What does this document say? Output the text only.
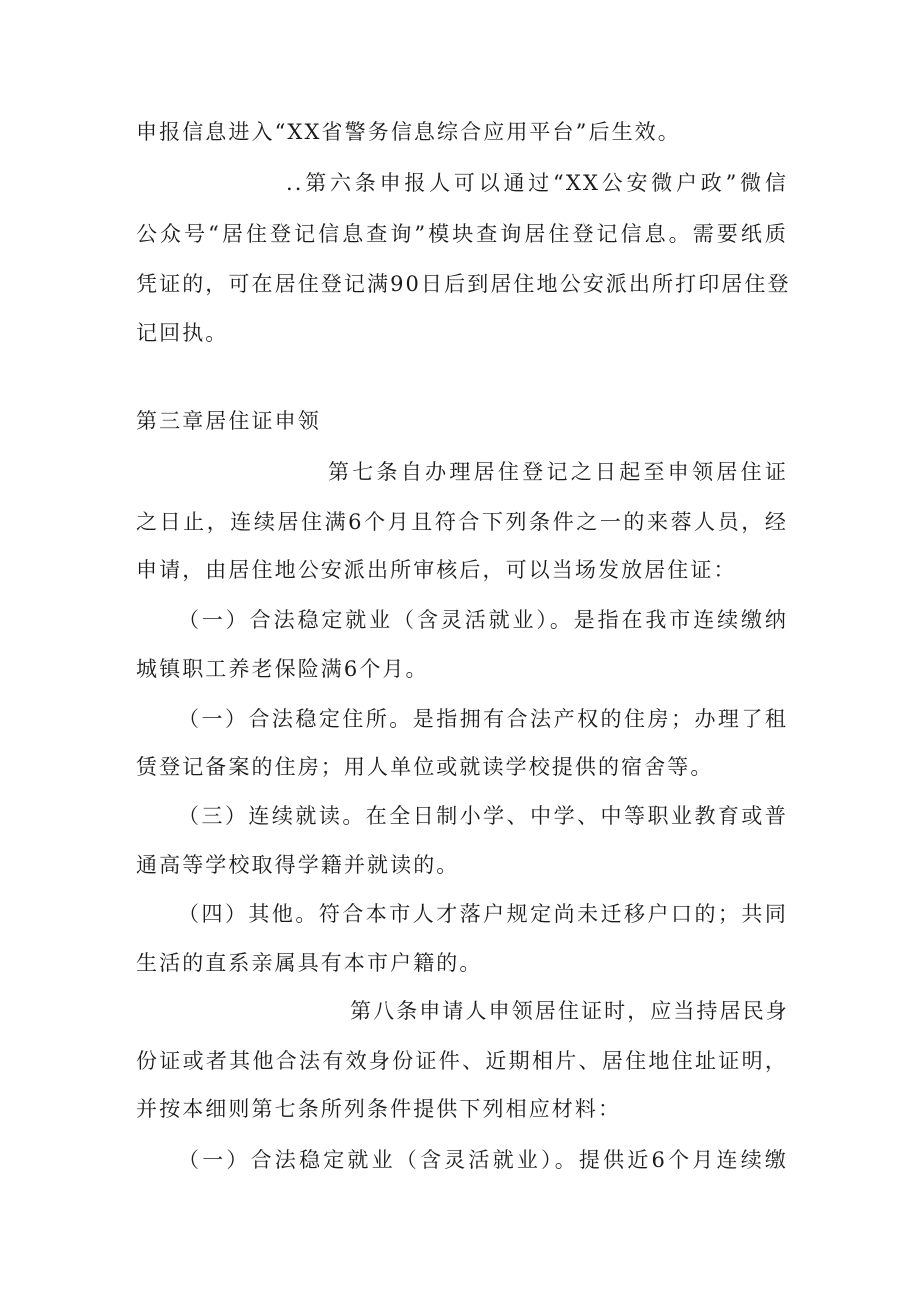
申报信息进入“XX省警务信息综合应用平台”后生效。

..第六条申报人可以通过“XX公安微户政”微信

公众号“居住登记信息查询”模块查询居住登记信息。需要纸质

凭证的，可在居住登记满90日后到居住地公安派出所打印居住登

记回执。

第三章居住证申领

第七条自办理居住登记之日起至申领居住证

之日止，连续居住满6个月且符合下列条件之一的来蓉人员，经

申请，由居住地公安派出所审核后，可以当场发放居住证：

（一）合法稳定就业（含灵活就业）。是指在我市连续缴纳

城镇职工养老保险满6个月。

（一）合法稳定住所。是指拥有合法产权的住房；办理了租

赁登记备案的住房；用人单位或就读学校提供的宿舍等。

（三）连续就读。在全日制小学、中学、中等职业教育或普

通高等学校取得学籍并就读的。

（四）其他。符合本市人才落户规定尚未迁移户口的；共同

生活的直系亲属具有本市户籍的。

第八条申请人申领居住证时，应当持居民身

份证或者其他合法有效身份证件、近期相片、居住地住址证明，

并按本细则第七条所列条件提供下列相应材料：

（一）合法稳定就业（含灵活就业）。提供近6个月连续缴
